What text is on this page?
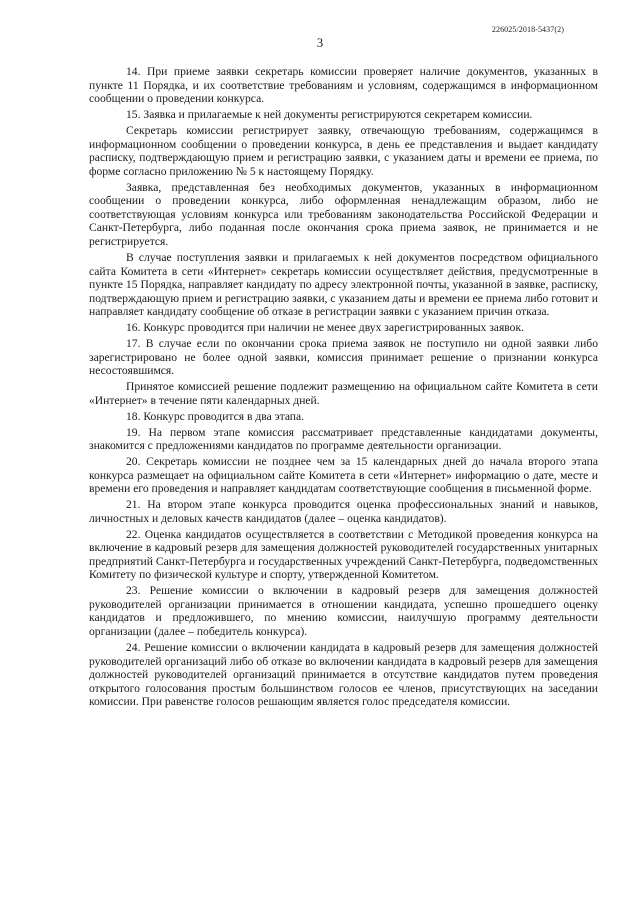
226025/2018-5437(2)
3

14. При приеме заявки секретарь комиссии проверяет наличие документов, указанных в пункте 11 Порядка, и их соответствие требованиям и условиям, содержащимся в информационном сообщении о проведении конкурса.

15. Заявка и прилагаемые к ней документы регистрируются секретарем комиссии.

Секретарь комиссии регистрирует заявку, отвечающую требованиям, содержащимся в информационном сообщении о проведении конкурса, в день ее представления и выдает кандидату расписку, подтверждающую прием и регистрацию заявки, с указанием даты и времени ее приема, по форме согласно приложению № 5 к настоящему Порядку.

Заявка, представленная без необходимых документов, указанных в информационном сообщении о проведении конкурса, либо оформленная ненадлежащим образом, либо не соответствующая условиям конкурса или требованиям законодательства Российской Федерации и Санкт-Петербурга, либо поданная после окончания срока приема заявок, не принимается и не регистрируется.

В случае поступления заявки и прилагаемых к ней документов посредством официального сайта Комитета в сети «Интернет» секретарь комиссии осуществляет действия, предусмотренные в пункте 15 Порядка, направляет кандидату по адресу электронной почты, указанной в заявке, расписку, подтверждающую прием и регистрацию заявки, с указанием даты и времени ее приема либо готовит и направляет кандидату сообщение об отказе в регистрации заявки с указанием причин отказа.

16. Конкурс проводится при наличии не менее двух зарегистрированных заявок.

17. В случае если по окончании срока приема заявок не поступило ни одной заявки либо зарегистрировано не более одной заявки, комиссия принимает решение о признании конкурса несостоявшимся.

Принятое комиссией решение подлежит размещению на официальном сайте Комитета в сети «Интернет» в течение пяти календарных дней.

18. Конкурс проводится в два этапа.

19. На первом этапе комиссия рассматривает представленные кандидатами документы, знакомится с предложениями кандидатов по программе деятельности организации.

20. Секретарь комиссии не позднее чем за 15 календарных дней до начала второго этапа конкурса размещает на официальном сайте Комитета в сети «Интернет» информацию о дате, месте и времени его проведения и направляет кандидатам соответствующие сообщения в письменной форме.

21. На втором этапе конкурса проводится оценка профессиональных знаний и навыков, личностных и деловых качеств кандидатов (далее – оценка кандидатов).

22. Оценка кандидатов осуществляется в соответствии с Методикой проведения конкурса на включение в кадровый резерв для замещения должностей руководителей государственных унитарных предприятий Санкт-Петербурга и государственных учреждений Санкт-Петербурга, подведомственных Комитету по физической культуре и спорту, утвержденной Комитетом.

23. Решение комиссии о включении в кадровый резерв для замещения должностей руководителей организации принимается в отношении кандидата, успешно прошедшего оценку кандидатов и предложившего, по мнению комиссии, наилучшую программу деятельности организации (далее – победитель конкурса).

24. Решение комиссии о включении кандидата в кадровый резерв для замещения должностей руководителей организаций либо об отказе во включении кандидата в кадровый резерв для замещения должностей руководителей организаций принимается в отсутствие кандидатов путем проведения открытого голосования простым большинством голосов ее членов, присутствующих на заседании комиссии. При равенстве голосов решающим является голос председателя комиссии.
